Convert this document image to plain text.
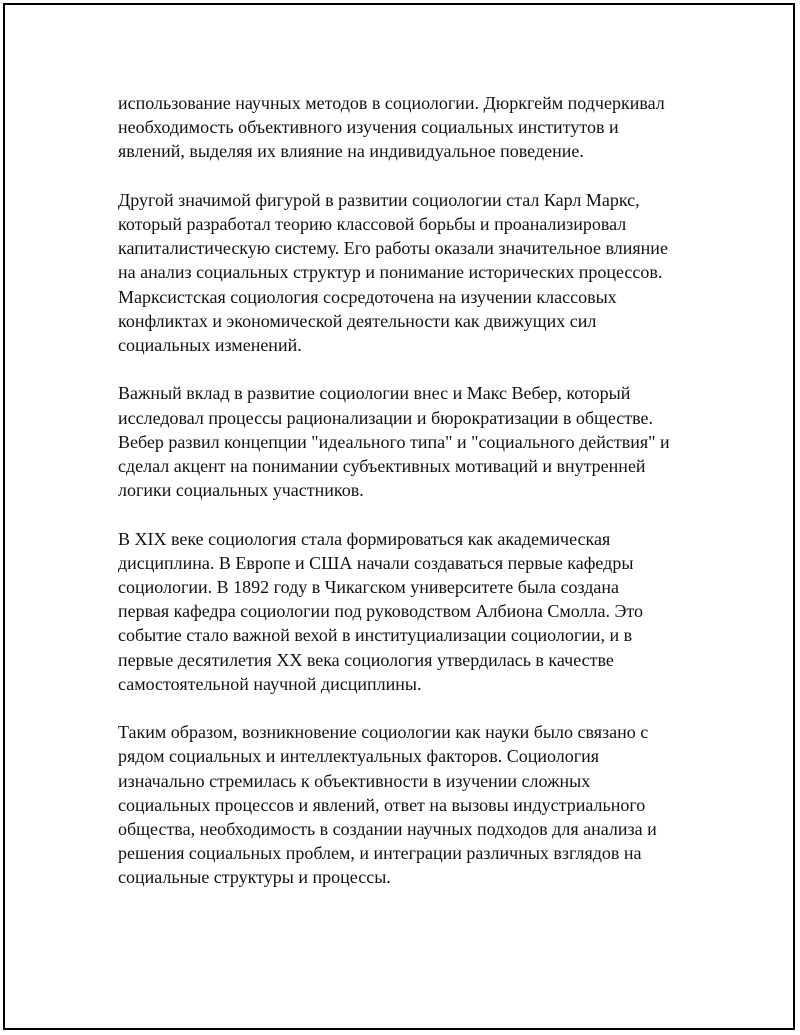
использование научных методов в социологии. Дюркгейм подчеркивал
необходимость объективного изучения социальных институтов и
явлений, выделяя их влияние на индивидуальное поведение.

Другой значимой фигурой в развитии социологии стал Карл Маркс,
который разработал теорию классовой борьбы и проанализировал
капиталистическую систему. Его работы оказали значительное влияние
на анализ социальных структур и понимание исторических процессов.
Марксистская социология сосредоточена на изучении классовых
конфликтах и экономической деятельности как движущих сил
социальных изменений.

Важный вклад в развитие социологии внес и Макс Вебер, который
исследовал процессы рационализации и бюрократизации в обществе.
Вебер развил концепции "идеального типа" и "социального действия" и
сделал акцент на понимании субъективных мотиваций и внутренней
логики социальных участников.

В XIX веке социология стала формироваться как академическая
дисциплина. В Европе и США начали создаваться первые кафедры
социологии. В 1892 году в Чикагском университете была создана
первая кафедра социологии под руководством Албиона Смолла. Это
событие стало важной вехой в институциализации социологии, и в
первые десятилетия XX века социология утвердилась в качестве
самостоятельной научной дисциплины.

Таким образом, возникновение социологии как науки было связано с
рядом социальных и интеллектуальных факторов. Социология
изначально стремилась к объективности в изучении сложных
социальных процессов и явлений, ответ на вызовы индустриального
общества, необходимость в создании научных подходов для анализа и
решения социальных проблем, и интеграции различных взглядов на
социальные структуры и процессы.
